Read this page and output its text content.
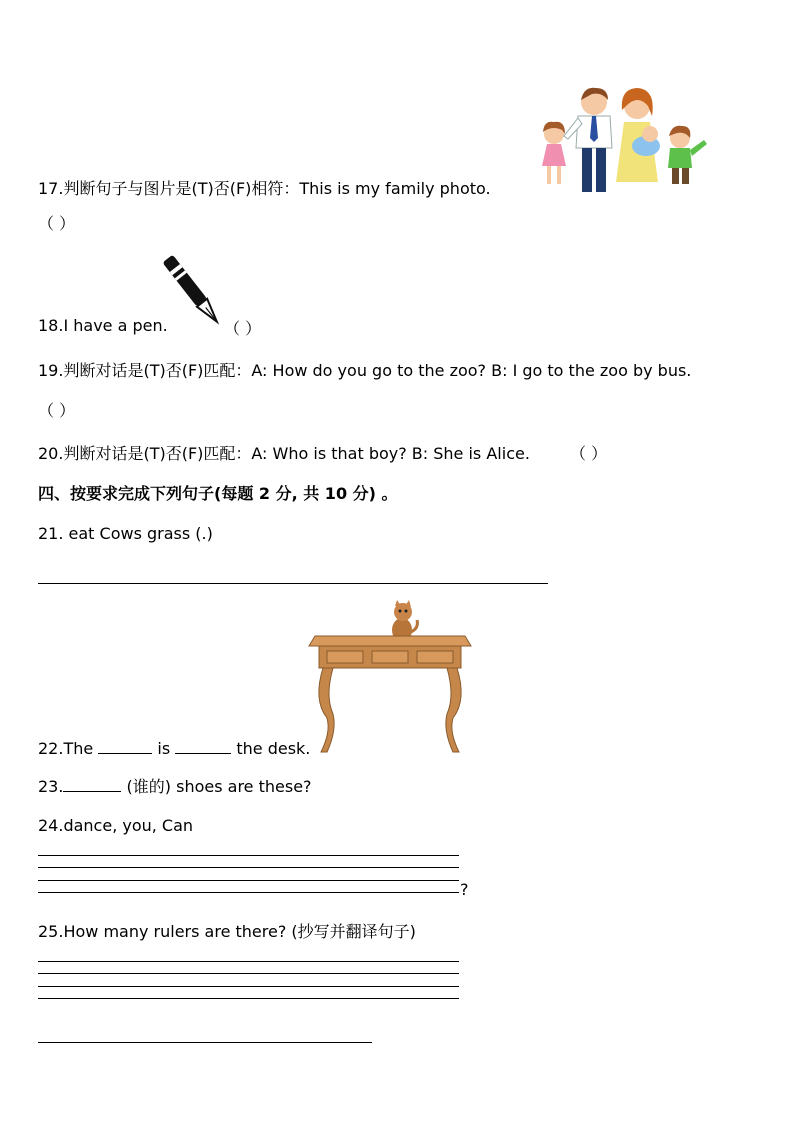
17.判断句子与图片是(T)否(F)相符：This is my family photo.
（ ）
18.I have a pen.	（ ）
19.判断对话是(T)否(F)匹配：A: How do you go to the zoo? B: I go to the zoo by bus.
（ ）
20.判断对话是(T)否(F)匹配：A: Who is that boy? B: She is Alice.	（ ）
四、按要求完成下列句子(每题 2 分, 共 10 分) 。
21. eat Cows grass (.)
22.The	is	the desk.
23.	(谁的) shoes are these?
24.dance, you, Can
?
25.How many rulers are there? (抄写并翻译句子)
